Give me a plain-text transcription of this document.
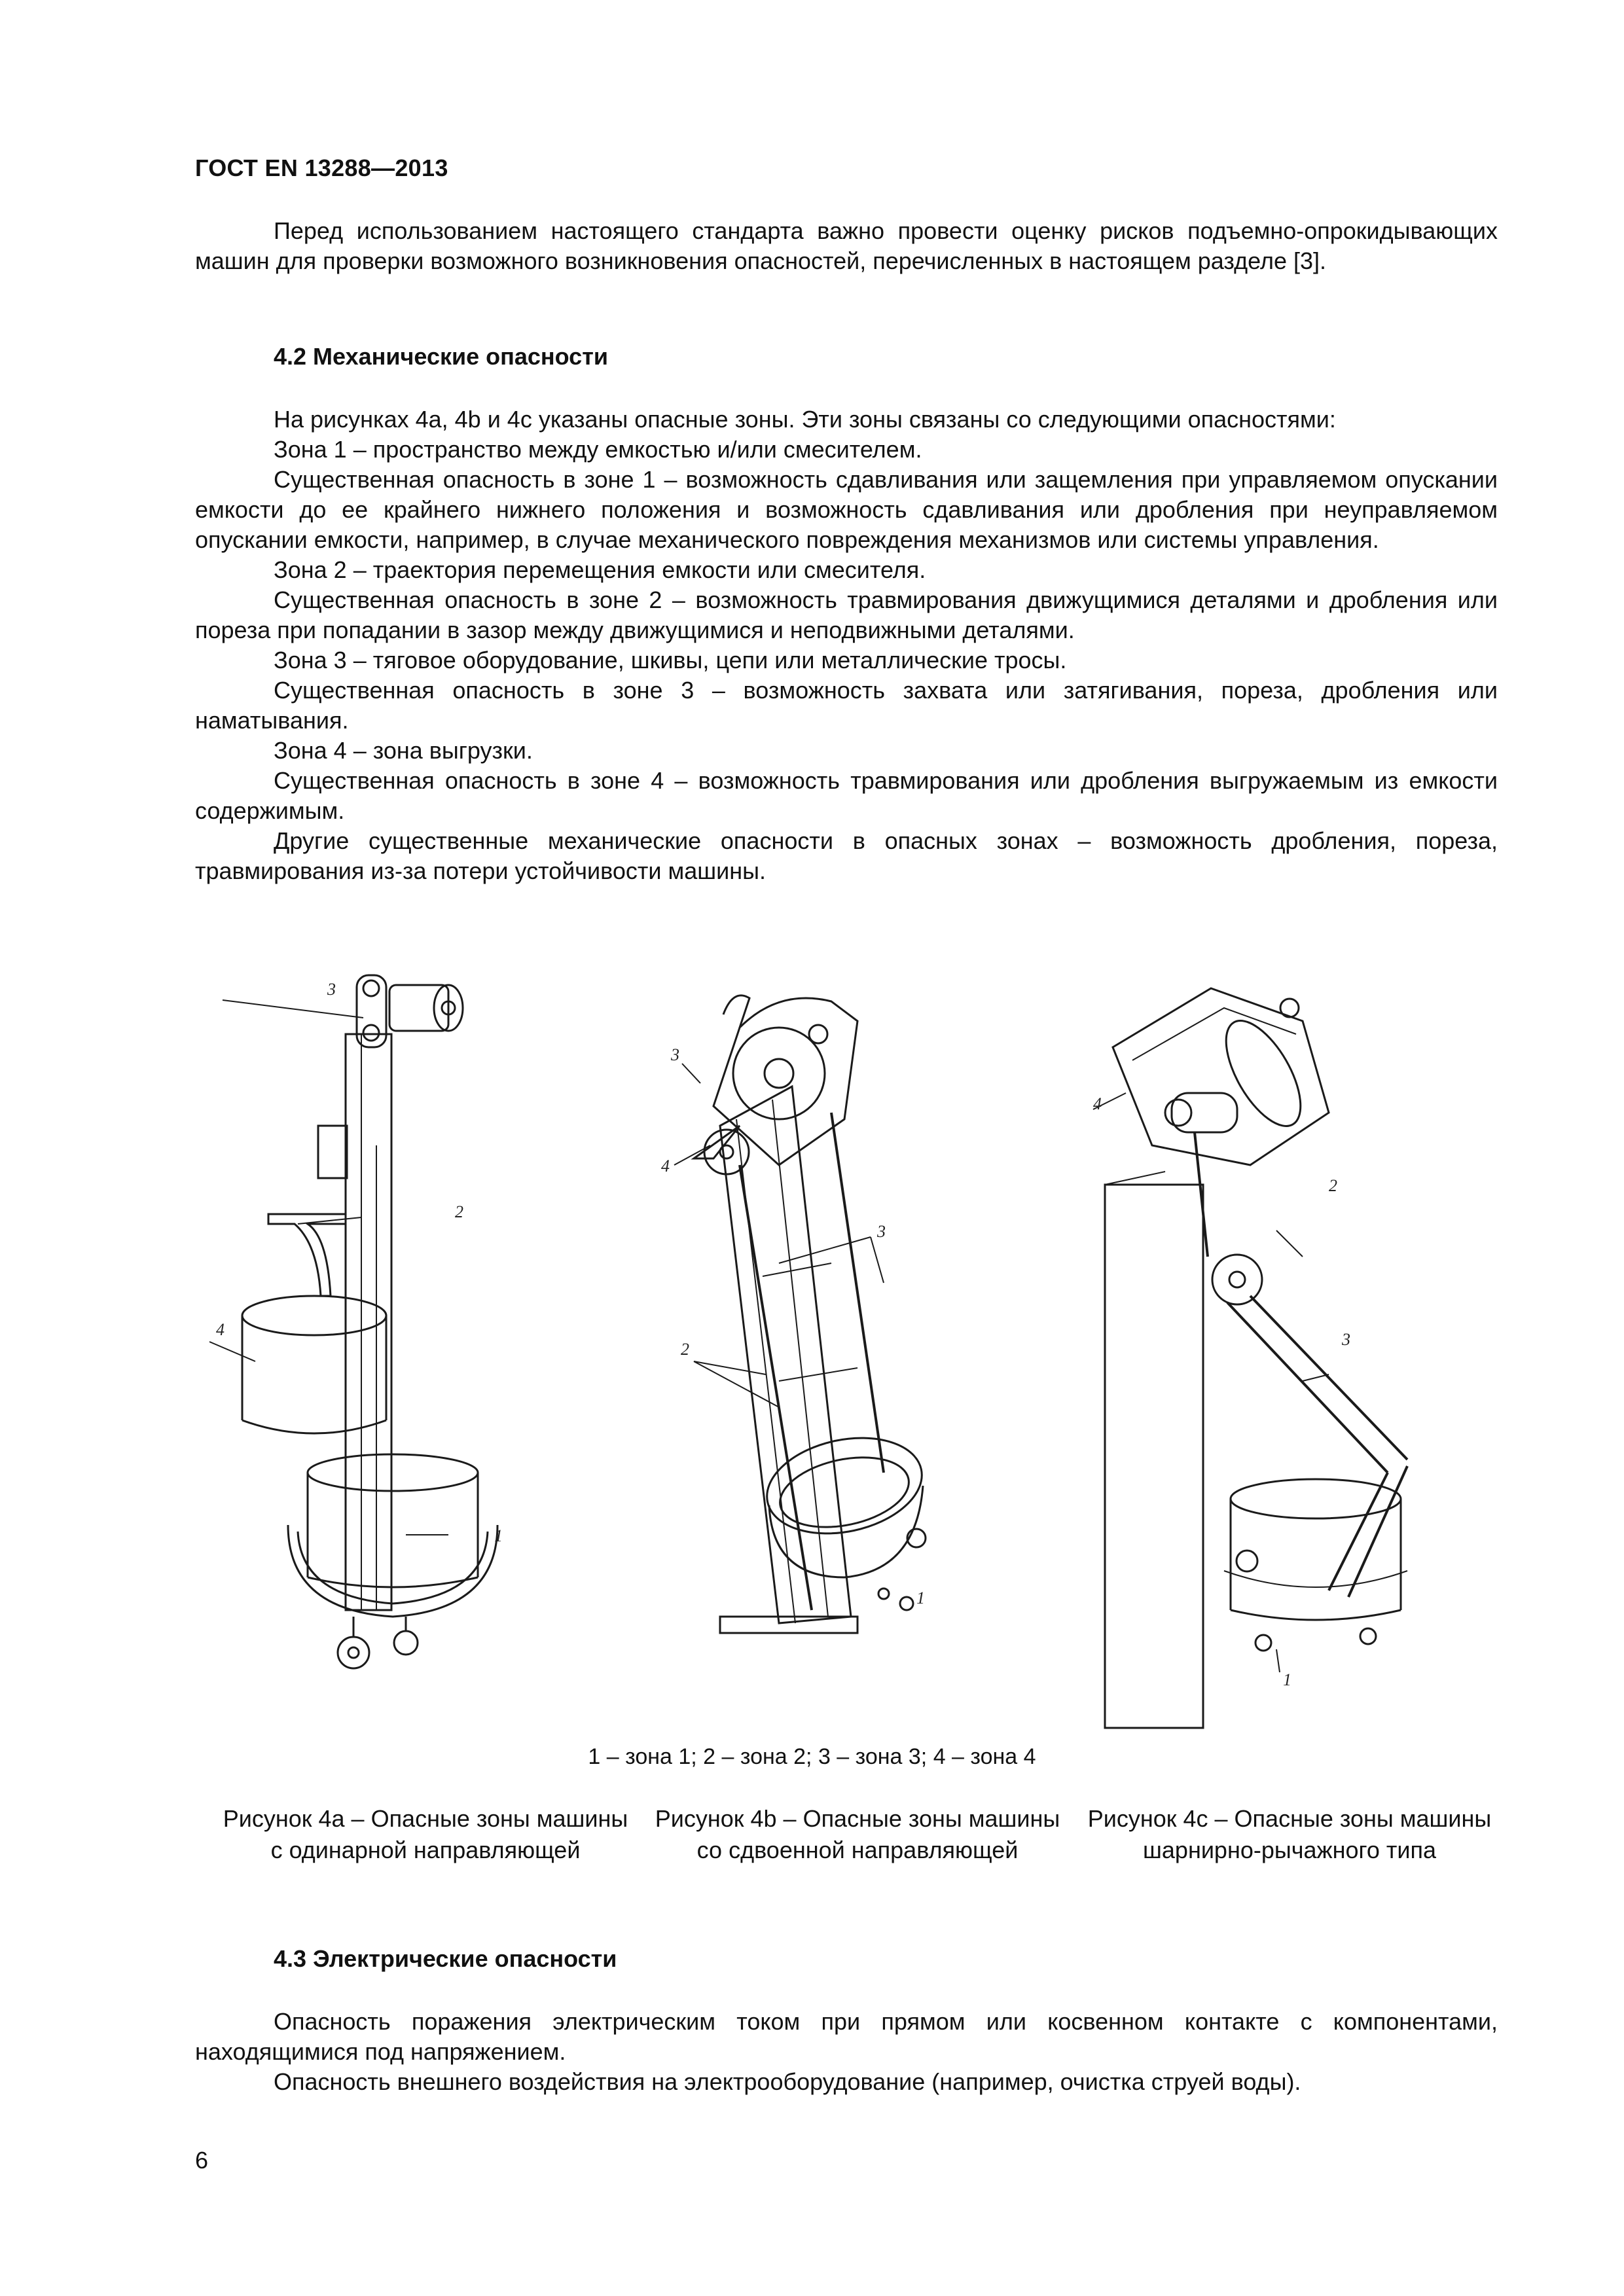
ГОСТ EN 13288—2013

Перед использованием настоящего стандарта важно провести оценку рисков подъемно-опрокидывающих машин для проверки возможного возникновения опасностей, перечисленных в настоящем разделе [3].

4.2 Механические опасности

На рисунках 4а, 4b и 4с указаны опасные зоны. Эти зоны связаны со следующими опасностями:

Зона 1 – пространство между емкостью и/или смесителем.

Существенная опасность в зоне 1 – возможность сдавливания или защемления при управляемом опускании емкости до ее крайнего нижнего положения и возможность сдавливания или дробления при неуправляемом опускании емкости, например, в случае механического повреждения механизмов или системы управления.

Зона 2 – траектория перемещения емкости или смесителя.

Существенная опасность в зоне 2 – возможность травмирования движущимися деталями и дробления или пореза при попадании в зазор между движущимися и неподвижными деталями.

Зона 3 – тяговое оборудование, шкивы, цепи или металлические тросы.

Существенная опасность в зоне 3 – возможность захвата или затягивания, пореза, дробления или наматывания.

Зона 4 – зона выгрузки.

Существенная опасность в зоне 4 – возможность травмирования или дробления выгружаемым из емкости содержимым.

Другие существенные механические опасности в опасных зонах – возможность дробления, пореза, травмирования из-за потери устойчивости машины.

3
2
4
1
3
4
3
2
1
4
2
3
1
1 – зона 1; 2 – зона 2; 3 – зона 3; 4 – зона 4
Рисунок 4а – Опасные зоны машины с одинарной направляющей
Рисунок 4b – Опасные зоны машины со сдвоенной направляющей
Рисунок 4с – Опасные зоны машины шарнирно-рычажного типа
4.3 Электрические опасности

Опасность поражения электрическим током при прямом или косвенном контакте с компонентами, находящимися под напряжением.

Опасность внешнего воздействия на электрооборудование (например, очистка струей воды).

6
